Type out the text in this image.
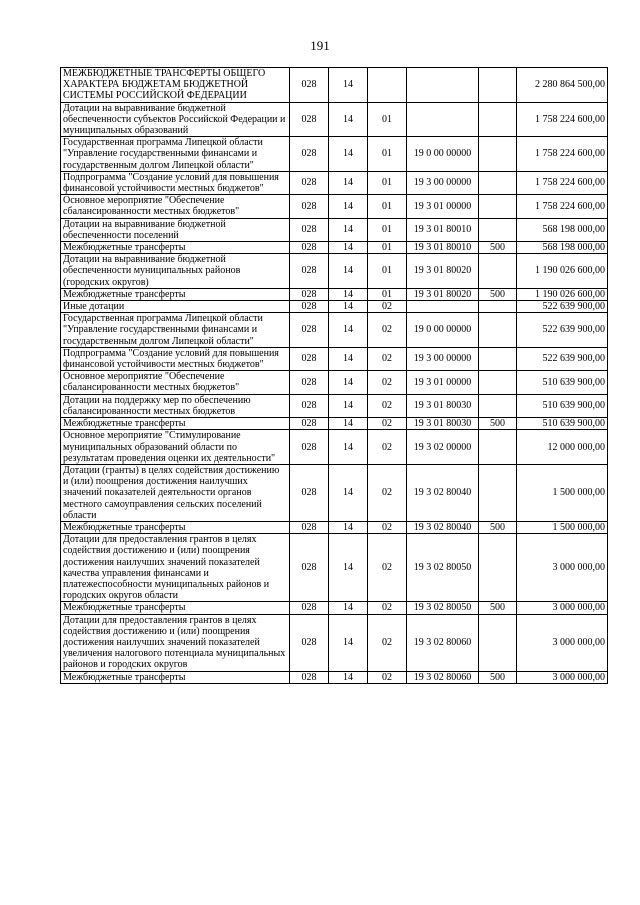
191
МЕЖБЮДЖЕТНЫЕ ТРАНСФЕРТЫ ОБЩЕГО ХАРАКТЕРА БЮДЖЕТАМ БЮДЖЕТНОЙ СИСТЕМЫ РОССИЙСКОЙ ФЕДЕРАЦИИ	028	14				2 280 864 500,00
Дотации на выравнивание бюджетной обеспеченности субъектов Российской Федерации и муниципальных образований	028	14	01			1 758 224 600,00
Государственная программа Липецкой области "Управление государственными финансами и государственным долгом Липецкой области"	028	14	01	19 0 00 00000		1 758 224 600,00
Подпрограмма "Создание условий для повышения финансовой устойчивости местных бюджетов"	028	14	01	19 3 00 00000		1 758 224 600,00
Основное мероприятие "Обеспечение сбалансированности местных бюджетов"	028	14	01	19 3 01 00000		1 758 224 600,00
Дотации на выравнивание бюджетной обеспеченности поселений	028	14	01	19 3 01 80010		568 198 000,00
Межбюджетные трансферты	028	14	01	19 3 01 80010	500	568 198 000,00
Дотации на выравнивание бюджетной обеспеченности муниципальных районов (городских округов)	028	14	01	19 3 01 80020		1 190 026 600,00
Межбюджетные трансферты	028	14	01	19 3 01 80020	500	1 190 026 600,00
Иные дотации	028	14	02			522 639 900,00
Государственная программа Липецкой области "Управление государственными финансами и государственным долгом Липецкой области"	028	14	02	19 0 00 00000		522 639 900,00
Подпрограмма "Создание условий для повышения финансовой устойчивости местных бюджетов"	028	14	02	19 3 00 00000		522 639 900,00
Основное мероприятие "Обеспечение сбалансированности местных бюджетов"	028	14	02	19 3 01 00000		510 639 900,00
Дотации на поддержку мер по обеспечению сбалансированности местных бюджетов	028	14	02	19 3 01 80030		510 639 900,00
Межбюджетные трансферты	028	14	02	19 3 01 80030	500	510 639 900,00
Основное мероприятие "Стимулирование муниципальных образований области по результатам проведения оценки их деятельности"	028	14	02	19 3 02 00000		12 000 000,00
Дотации (гранты) в целях содействия достижению и (или) поощрения достижения наилучших значений показателей деятельности органов местного самоуправления сельских поселений области	028	14	02	19 3 02 80040		1 500 000,00
Межбюджетные трансферты	028	14	02	19 3 02 80040	500	1 500 000,00
Дотации для предоставления грантов в целях содействия достижению и (или) поощрения достижения наилучших значений показателей качества управления финансами и платежеспособности муниципальных районов и городских округов области	028	14	02	19 3 02 80050		3 000 000,00
Межбюджетные трансферты	028	14	02	19 3 02 80050	500	3 000 000,00
Дотации для предоставления грантов в целях содействия достижению и (или) поощрения достижения наилучших значений показателей увеличения налогового потенциала муниципальных районов и городских округов	028	14	02	19 3 02 80060		3 000 000,00
Межбюджетные трансферты	028	14	02	19 3 02 80060	500	3 000 000,00
